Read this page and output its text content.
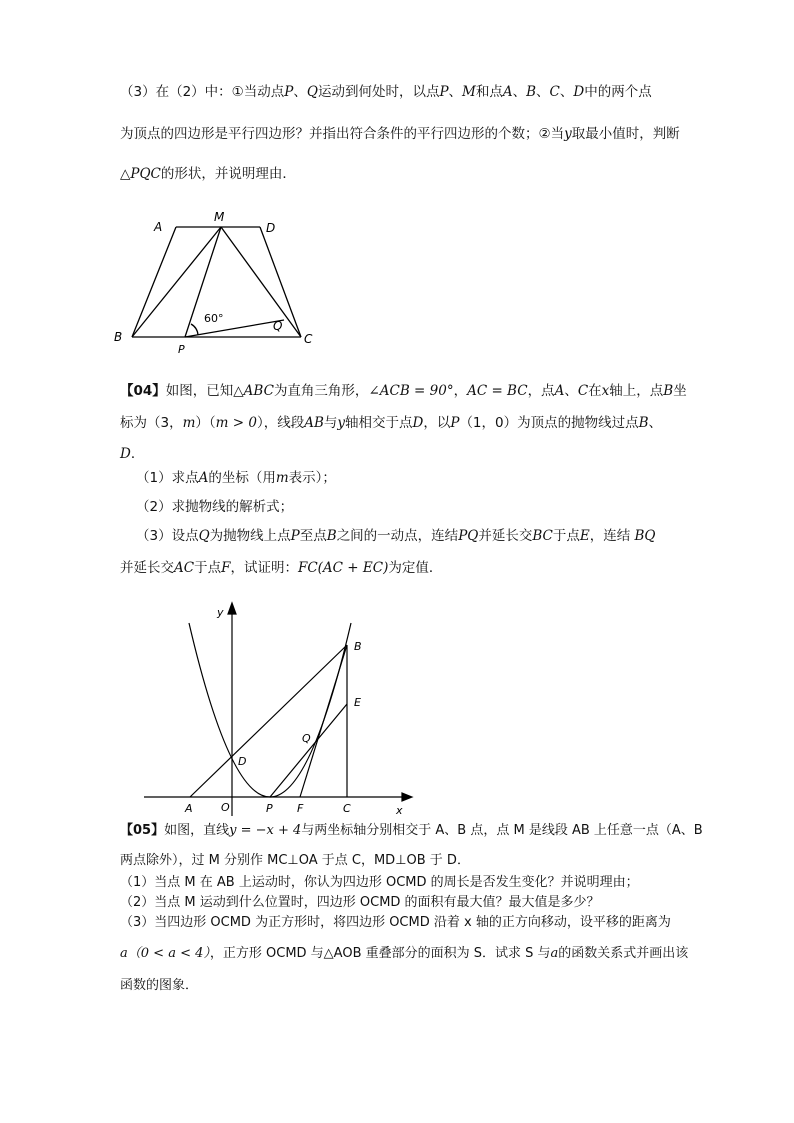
（3）在（2）中：①当动点P、Q运动到何处时，以点P、M和点A、B、C、D中的两个点
为顶点的四边形是平行四边形？并指出符合条件的平行四边形的个数；②当y取最小值时，判断
△PQC的形状，并说明理由．
A
M
D
B
P
C
Q
60°
【04】如图，已知△ABC为直角三角形，∠ACB = 90°，AC = BC，点A、C在x轴上，点B坐
标为（3，m）（m > 0），线段AB与y轴相交于点D，以P（1，0）为顶点的抛物线过点B、
D．
（1）求点A的坐标（用m表示）；
（2）求抛物线的解析式；
（3）设点Q为抛物线上点P至点B之间的一动点，连结PQ并延长交BC于点E，连结 BQ
并延长交AC于点F，试证明：FC(AC + EC)为定值．
y
x
B
E
Q
D
A	O	P F	C
【05】如图，直线y = −x + 4与两坐标轴分别相交于 A、B 点，点 M 是线段 AB 上任意一点（A、B
两点除外），过 M 分别作 MC⊥OA 于点 C，MD⊥OB 于 D．
（1）当点 M 在 AB 上运动时，你认为四边形 OCMD 的周长是否发生变化？并说明理由；
（2）当点 M 运动到什么位置时，四边形 OCMD 的面积有最大值？最大值是多少？
（3）当四边形 OCMD 为正方形时，将四边形 OCMD 沿着 x 轴的正方向移动，设平移的距离为
a（0 < a < 4），正方形 OCMD 与△AOB 重叠部分的面积为 S．试求 S 与a的函数关系式并画出该
函数的图象．
